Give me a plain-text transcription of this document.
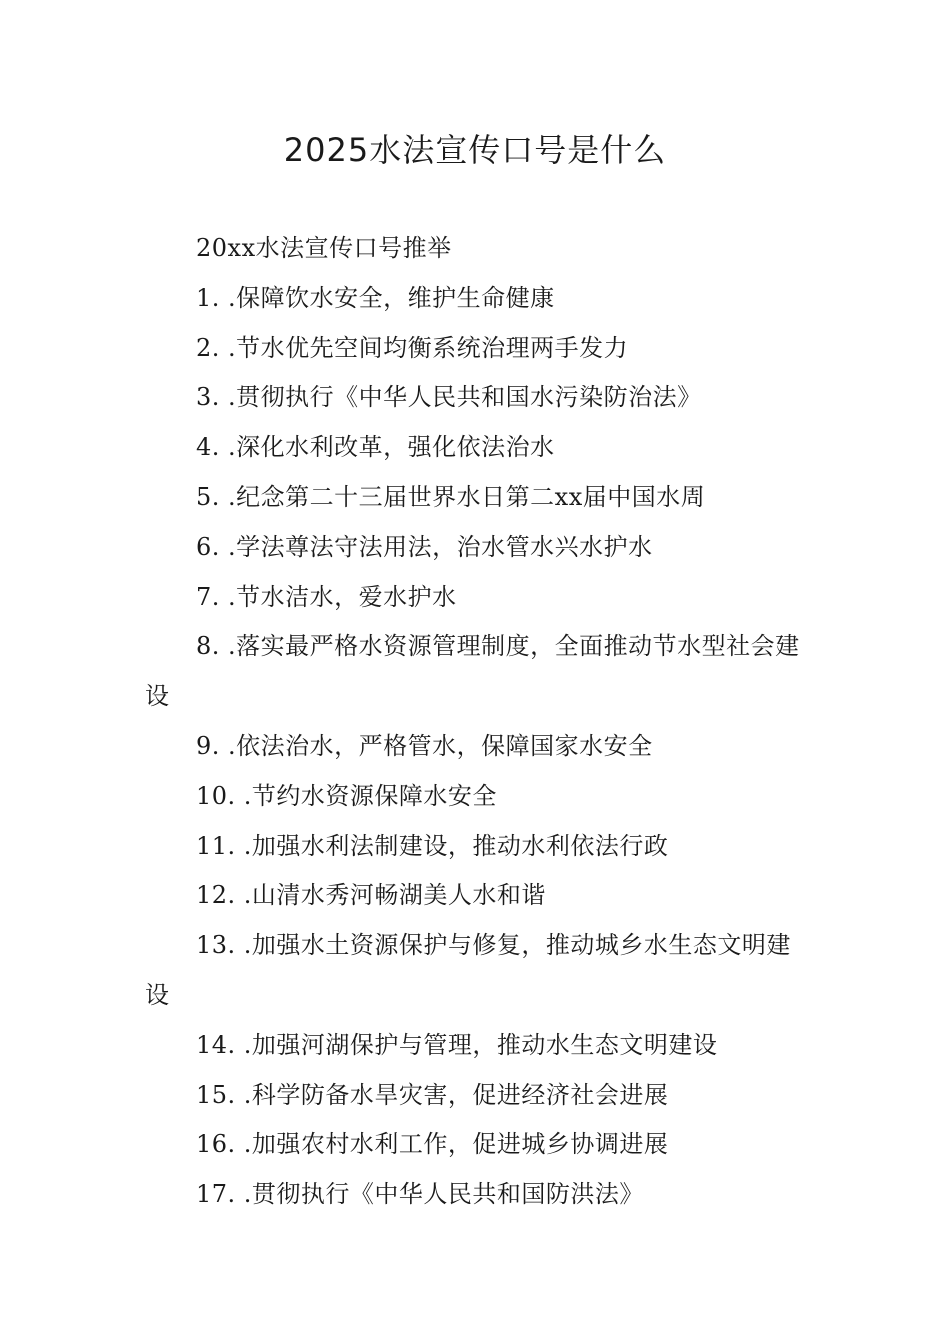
2025水法宣传口号是什么

20xx水法宣传口号推举

1. .保障饮水安全，维护生命健康

2. .节水优先空间均衡系统治理两手发力

3. .贯彻执行《中华人民共和国水污染防治法》

4. .深化水利改革，强化依法治水

5. .纪念第二十三届世界水日第二xx届中国水周

6. .学法尊法守法用法，治水管水兴水护水

7. .节水洁水，爱水护水

8. .落实最严格水资源管理制度，全面推动节水型社会建设

9. .依法治水，严格管水，保障国家水安全

10. .节约水资源保障水安全

11. .加强水利法制建设，推动水利依法行政

12. .山清水秀河畅湖美人水和谐

13. .加强水土资源保护与修复，推动城乡水生态文明建设

14. .加强河湖保护与管理，推动水生态文明建设

15. .科学防备水旱灾害，促进经济社会进展

16. .加强农村水利工作，促进城乡协调进展

17. .贯彻执行《中华人民共和国防洪法》
